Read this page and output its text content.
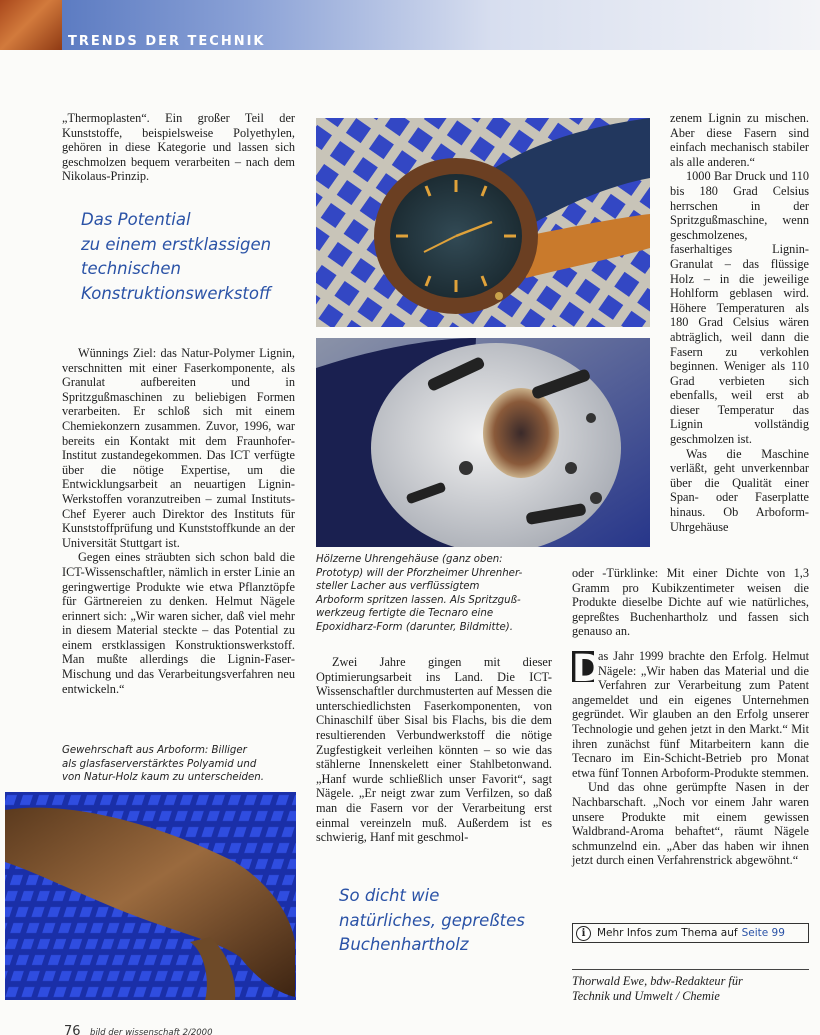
TRENDS DER TECHNIK

„Thermoplasten“. Ein großer Teil der Kunststoffe, beispielsweise Polyethylen, gehören in diese Kategorie und lassen sich geschmolzen bequem verarbeiten – nach dem Nikolaus-Prinzip.

Das Potential
zu einem erstklassigen
technischen
Konstruktionswerkstoff

Wünnings Ziel: das Natur-Polymer Lignin, verschnitten mit einer Faserkomponente, als Granulat aufbereiten und in Spritzgußmaschinen zu beliebigen Formen verarbeiten. Er schloß sich mit einem Chemiekonzern zusammen. Zuvor, 1996, war bereits ein Kontakt mit dem Fraunhofer-Institut zustandegekommen. Das ICT verfügte über die nötige Expertise, um die Entwicklungsarbeit an neuartigen Lignin-Werkstoffen voranzutreiben – zumal Instituts-Chef Eyerer auch Direktor des Instituts für Kunststoffprüfung und Kunststoffkunde an der Universität Stuttgart ist.

Gegen eines sträubten sich schon bald die ICT-Wissenschaftler, nämlich in erster Linie an geringwertige Produkte wie etwa Pflanztöpfe für Gärtnereien zu denken. Helmut Nägele erinnert sich: „Wir waren sicher, daß viel mehr in diesem Material steckte – das Potential zu einem erstklassigen Konstruktionswerkstoff. Man mußte allerdings die Lignin-Faser-Mischung und das Verarbeitungsverfahren neu entwickeln.“

Gewehrschaft aus Arboform: Billiger
als glasfaserverstärktes Polyamid und
von Natur-Holz kaum zu unterscheiden.
Hölzerne Uhrengehäuse (ganz oben:
Prototyp) will der Pforzheimer Uhrenher-
steller Lacher aus verflüssigtem
Arboform spritzen lassen. Als Spritzguß-
werkzeug fertigte die Tecnaro eine
Epoxidharz-Form (darunter, Bildmitte).

Zwei Jahre gingen mit dieser Optimierungsarbeit ins Land. Die ICT-Wissenschaftler durchmusterten auf Messen die unterschiedlichsten Faserkomponenten, von Chinaschilf über Sisal bis Flachs, bis die dem resultierenden Verbundwerkstoff die nötige Zugfestigkeit verleihen könnten – so wie das stählerne Innenskelett einer Stahlbetonwand. „Hanf wurde schließlich unser Favorit“, sagt Nägele. „Er neigt zwar zum Verfilzen, so daß man die Fasern vor der Verarbeitung erst einmal vereinzeln muß. Außerdem ist es schwierig, Hanf mit geschmol-

So dicht wie
natürliches, gepreßtes
Buchenhartholz

zenem Lignin zu mischen. Aber diese Fasern sind einfach mechanisch stabiler als alle anderen.“

1000 Bar Druck und 110 bis 180 Grad Celsius herrschen in der Spritzgußmaschine, wenn geschmolzenes, faserhaltiges Lignin-Granulat – das flüssige Holz – in die jeweilige Hohlform geblasen wird. Höhere Temperaturen als 180 Grad Celsius wären abträglich, weil dann die Fasern zu verkohlen beginnen. Weniger als 110 Grad verbieten sich ebenfalls, weil erst ab dieser Temperatur das Lignin vollständig geschmolzen ist.

Was die Maschine verläßt, geht unverkennbar über die Qualität einer Span- oder Faserplatte hinaus. Ob Arboform-Uhrgehäuse

oder -Türklinke: Mit einer Dichte von 1,3 Gramm pro Kubikzentimeter weisen die Produkte dieselbe Dichte auf wie natürliches, gepreßtes Buchenhartholz und fassen sich genauso an.

D
as Jahr 1999 brachte den Erfolg. Helmut Nägele: „Wir haben das Material und die Verfahren zur Verarbeitung zum Patent angemeldet und ein eigenes Unternehmen gegründet. Wir glauben an den Erfolg unserer Technologie und gehen jetzt in den Markt.“ Mit ihren zunächst fünf Mitarbeitern kann die Tecnaro im Ein-Schicht-Betrieb pro Monat etwa fünf Tonnen Arboform-Produkte stemmen.

Und das ohne gerümpfte Nasen in der Nachbarschaft. „Noch vor einem Jahr waren unsere Produkte mit einem gewissen Waldbrand-Aroma behaftet“, räumt Nägele schmunzelnd ein. „Aber das haben wir ihnen jetzt durch einen Verfahrenstrick abgewöhnt.“

i	Mehr Infos zum Thema auf Seite 99
Thorwald Ewe, bdw-Redakteur für
Technik und Umwelt / Chemie
76 bild der wissenschaft 2/2000
